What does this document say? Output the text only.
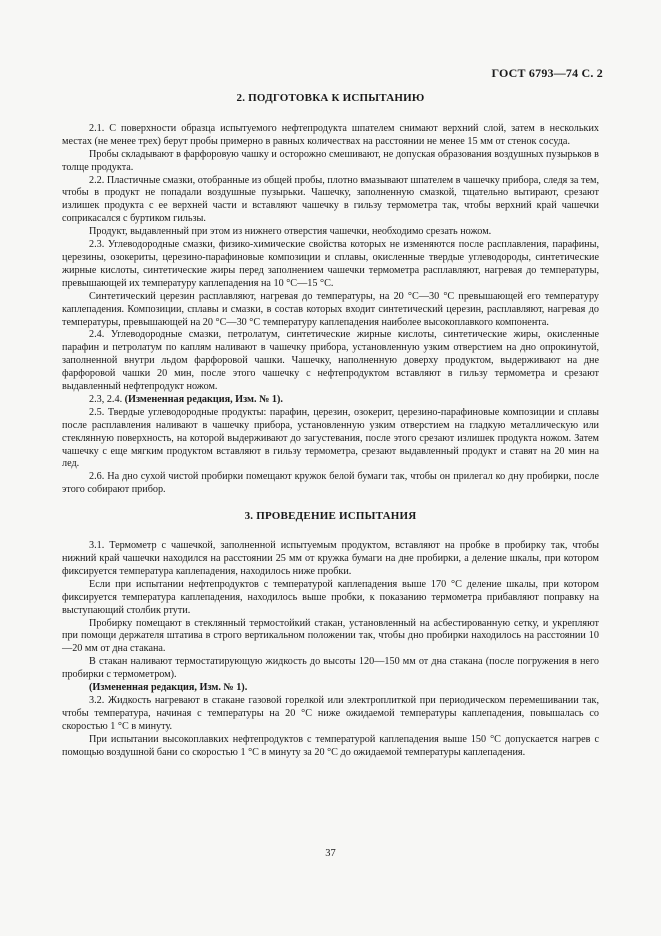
ГОСТ 6793—74 С. 2
2. ПОДГОТОВКА К ИСПЫТАНИЮ

2.1. С поверхности образца испытуемого нефтепродукта шпателем снимают верхний слой, затем в нескольких местах (не менее трех) берут пробы примерно в равных количествах на расстоянии не менее 15 мм от стенок сосуда.

Пробы складывают в фарфоровую чашку и осторожно смешивают, не допуская образования воздушных пузырьков в толще продукта.

2.2. Пластичные смазки, отобранные из общей пробы, плотно вмазывают шпателем в чашечку прибора, следя за тем, чтобы в продукт не попадали воздушные пузырьки. Чашечку, заполненную смазкой, тщательно вытирают, срезают излишек продукта с ее верхней части и вставляют чашечку в гильзу термометра так, чтобы верхний край чашечки соприкасался с буртиком гильзы.

Продукт, выдавленный при этом из нижнего отверстия чашечки, необходимо срезать ножом.

2.3. Углеводородные смазки, физико-химические свойства которых не изменяются после расплавления, парафины, церезины, озокериты, церезино-парафиновые композиции и сплавы, окисленные твердые углеводороды, синтетические жирные кислоты, синтетические жиры перед заполнением чашечки термометра расплавляют, нагревая до температуры, превышающей их температуру каплепадения на 10 °С—15 °С.

Синтетический церезин расплавляют, нагревая до температуры, на 20 °С—30 °С превышающей его температуру каплепадения. Композиции, сплавы и смазки, в состав которых входит синтетический церезин, расплавляют, нагревая до температуры, превышающей на 20 °С—30 °С температуру каплепадения наиболее высокоплавкого компонента.

2.4. Углеводородные смазки, петролатум, синтетические жирные кислоты, синтетические жиры, окисленные парафин и петролатум по каплям наливают в чашечку прибора, установленную узким отверстием на дно опрокинутой, заполненной внутри льдом фарфоровой чашки. Чашечку, наполненную доверху продуктом, выдерживают на дне фарфоровой чашки 20 мин, после этого чашечку с нефтепродуктом вставляют в гильзу термометра и срезают выдавленный нефтепродукт ножом.

2.3, 2.4. (Измененная редакция, Изм. № 1).

2.5. Твердые углеводородные продукты: парафин, церезин, озокерит, церезино-парафиновые композиции и сплавы после расплавления наливают в чашечку прибора, установленную узким отверстием на гладкую металлическую или стеклянную поверхность, на которой выдерживают до загустевания, после этого срезают излишек продукта ножом. Затем чашечку с еще мягким продуктом вставляют в гильзу термометра, срезают выдавленный продукт и ставят на 20 мин на лед.

2.6. На дно сухой чистой пробирки помещают кружок белой бумаги так, чтобы он прилегал ко дну пробирки, после этого собирают прибор.

3. ПРОВЕДЕНИЕ ИСПЫТАНИЯ

3.1. Термометр с чашечкой, заполненной испытуемым продуктом, вставляют на пробке в пробирку так, чтобы нижний край чашечки находился на расстоянии 25 мм от кружка бумаги на дне пробирки, а деление шкалы, при котором фиксируется температура каплепадения, находилось ниже пробки.

Если при испытании нефтепродуктов с температурой каплепадения выше 170 °С деление шкалы, при котором фиксируется температура каплепадения, находилось выше пробки, к показанию термометра прибавляют поправку на выступающий столбик ртути.

Пробирку помещают в стеклянный термостойкий стакан, установленный на асбестированную сетку, и укрепляют при помощи держателя штатива в строго вертикальном положении так, чтобы дно пробирки находилось на расстоянии 10—20 мм от дна стакана.

В стакан наливают термостатирующую жидкость до высоты 120—150 мм от дна стакана (после погружения в него пробирки с термометром).

(Измененная редакция, Изм. № 1).

3.2. Жидкость нагревают в стакане газовой горелкой или электроплиткой при периодическом перемешивании так, чтобы температура, начиная с температуры на 20 °С ниже ожидаемой температуры каплепадения, повышалась со скоростью 1 °С в минуту.

При испытании высокоплавких нефтепродуктов с температурой каплепадения выше 150 °С допускается нагрев с помощью воздушной бани со скоростью 1 °С в минуту за 20 °С до ожидаемой температуры каплепадения.

37
